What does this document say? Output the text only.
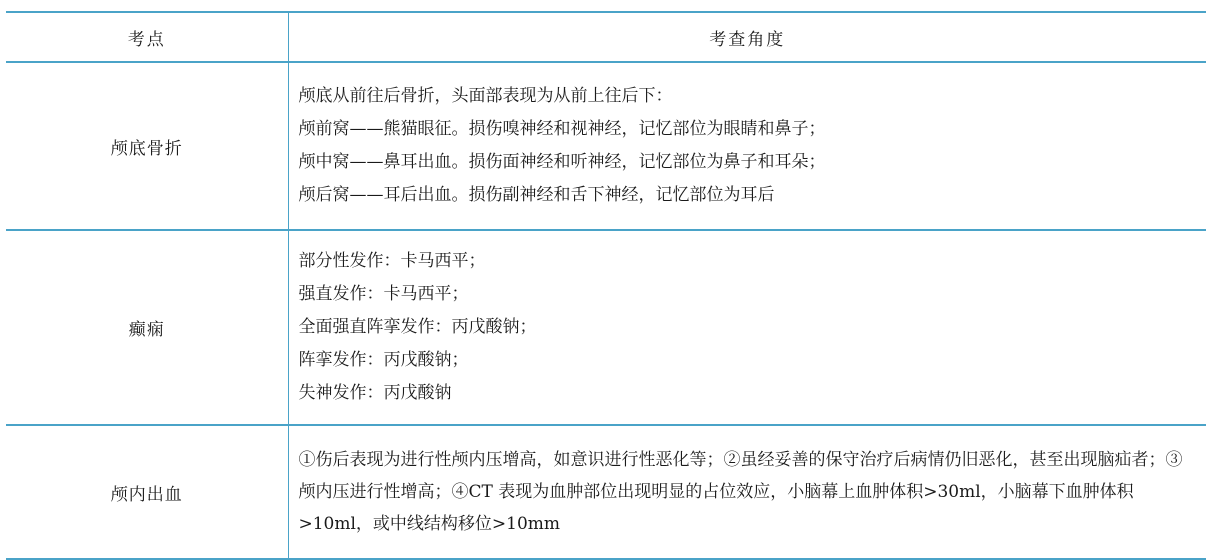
考点	考查角度
颅底骨折	颅底从前往后骨折，头面部表现为从前上往后下：
颅前窝——熊猫眼征。损伤嗅神经和视神经，记忆部位为眼睛和鼻子；
颅中窝——鼻耳出血。损伤面神经和听神经，记忆部位为鼻子和耳朵；
颅后窝——耳后出血。损伤副神经和舌下神经，记忆部位为耳后

癫痫	部分性发作：卡马西平；
强直发作：卡马西平；
全面强直阵挛发作：丙戊酸钠；
阵挛发作：丙戊酸钠；
失神发作：丙戊酸钠

颅内出血	①伤后表现为进行性颅内压增高，如意识进行性恶化等；②虽经妥善的保守治疗后病情仍旧恶化，甚至出现脑疝者；③颅内压进行性增高；④CT 表现为血肿部位出现明显的占位效应，小脑幕上血肿体积>30ml，小脑幕下血肿体积>10ml，或中线结构移位>10mm
